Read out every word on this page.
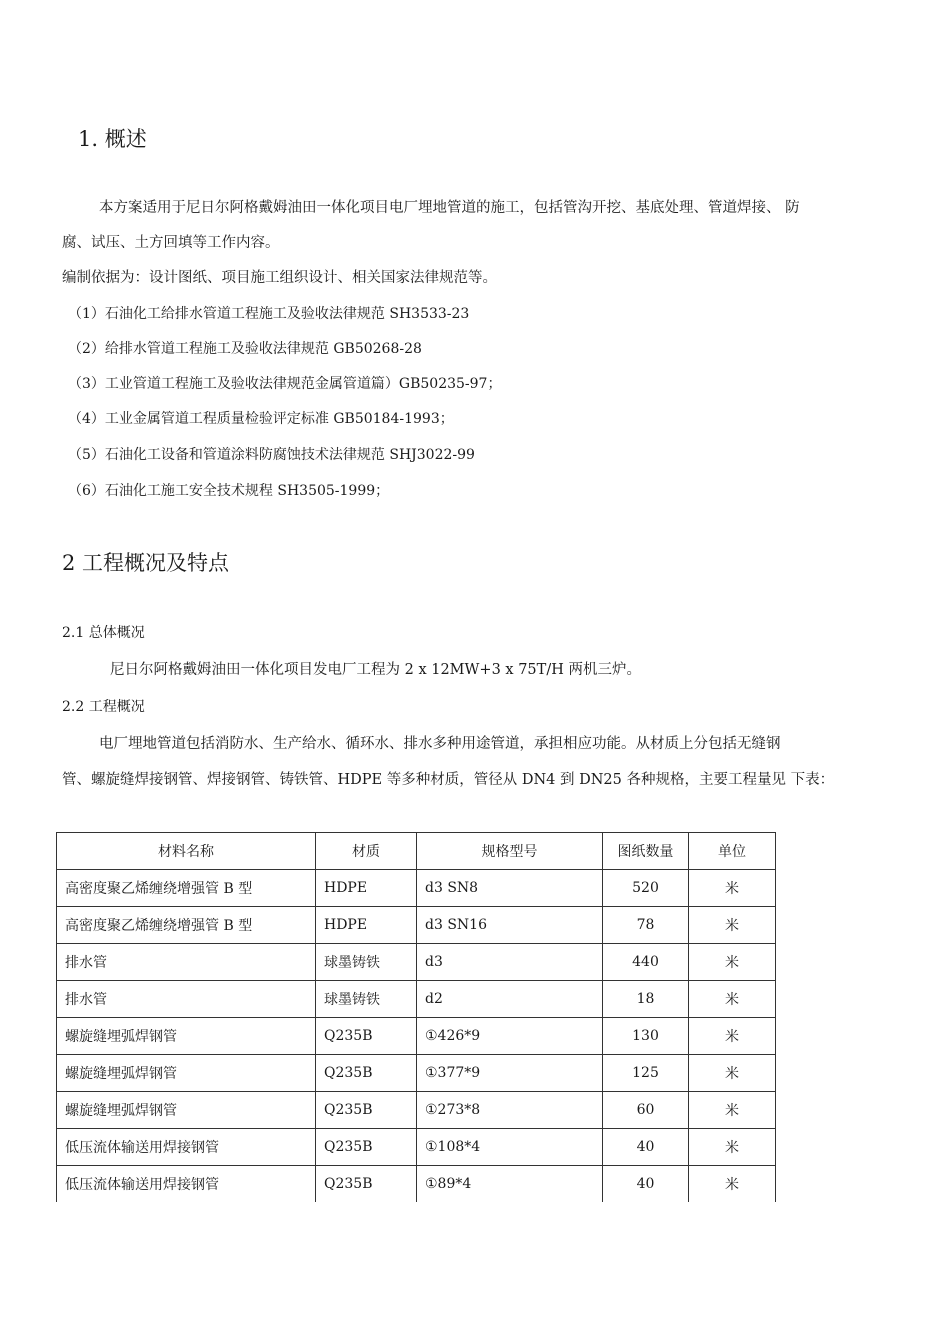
1. 概述
本方案适用于尼日尔阿格戴姆油田一体化项目电厂埋地管道的施工，包括管沟开挖、基底处理、管道焊接、 防
腐、试压、土方回填等工作内容。
编制依据为：设计图纸、项目施工组织设计、相关国家法律规范等。
（1）石油化工给排水管道工程施工及验收法律规范 SH3533-23
（2）给排水管道工程施工及验收法律规范 GB50268-28
（3）工业管道工程施工及验收法律规范金属管道篇）GB50235-97；
（4）工业金属管道工程质量检验评定标准 GB50184-1993；
（5）石油化工设备和管道涂料防腐蚀技术法律规范 SHJ3022-99
（6）石油化工施工安全技术规程 SH3505-1999；
2 工程概况及特点
2.1 总体概况
尼日尔阿格戴姆油田一体化项目发电厂工程为 2 x 12MW+3 x 75T/H 两机三炉。
2.2 工程概况
电厂埋地管道包括消防水、生产给水、循环水、排水多种用途管道，承担相应功能。从材质上分包括无缝钢
管、螺旋缝焊接钢管、焊接钢管、铸铁管、HDPE 等多种材质，管径从 DN4 到 DN25 各种规格，主要工程量见 下表：
材料名称	材质	规格型号	图纸数量	单位
高密度聚乙烯缠绕增强管 B 型	HDPE	d3 SN8	520	米
高密度聚乙烯缠绕增强管 B 型	HDPE	d3 SN16	78	米
排水管	球墨铸铁	d3	440	米
排水管	球墨铸铁	d2	18	米
螺旋缝埋弧焊钢管	Q235B	①426*9	130	米
螺旋缝埋弧焊钢管	Q235B	①377*9	125	米
螺旋缝埋弧焊钢管	Q235B	①273*8	60	米
低压流体输送用焊接钢管	Q235B	①108*4	40	米
低压流体输送用焊接钢管	Q235B	①89*4	40	米
